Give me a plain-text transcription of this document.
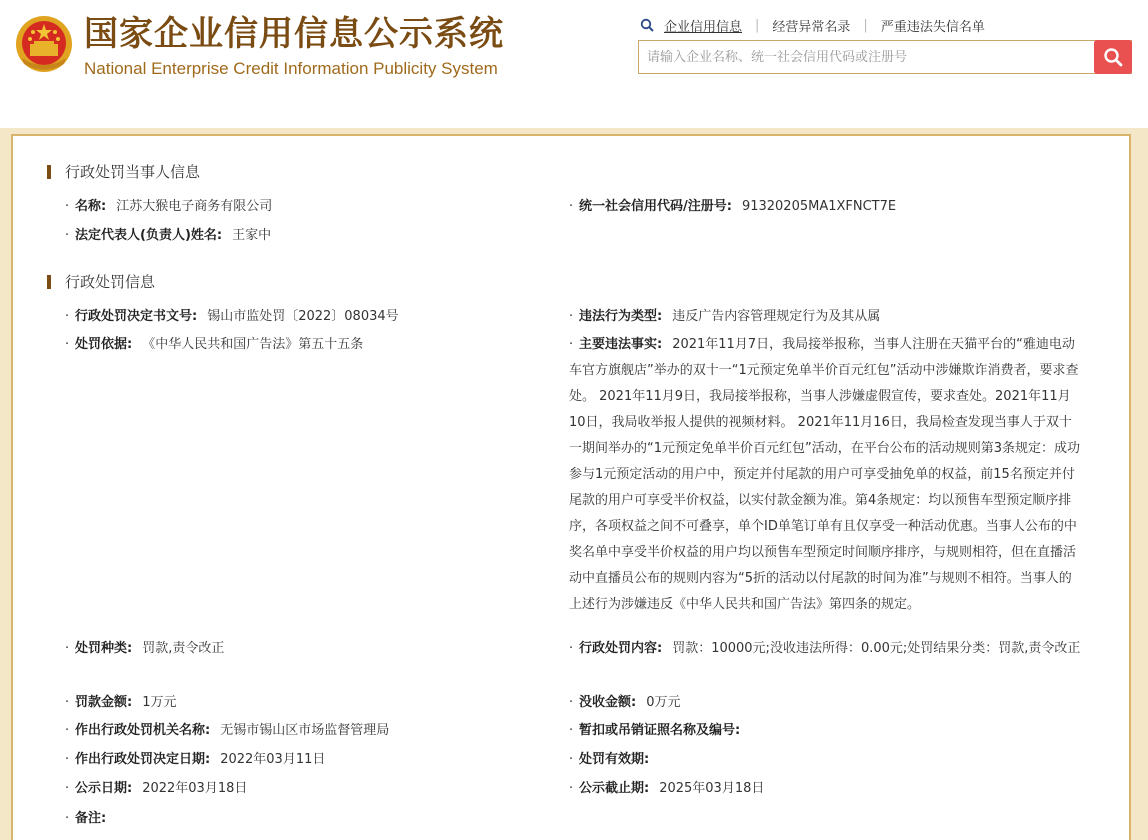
国家企业信用信息公示系统
National Enterprise Credit Information Publicity System
企业信用信息 | 经营异常名录 | 严重违法失信名单
请输入企业名称、统一社会信用代码或注册号
行政处罚当事人信息
· 名称: 江苏大猴电子商务有限公司	· 统一社会信用代码/注册号: 91320205MA1XFNCT7E
· 法定代表人(负责人)姓名: 王家中
行政处罚信息
· 行政处罚决定书文号: 锡山市监处罚〔2022〕08034号	· 违法行为类型: 违反广告内容管理规定行为及其从属
· 处罚依据: 《中华人民共和国广告法》第五十五条	· 主要违法事实: 2021年11月7日，我局接举报称，当事人注册在天猫平台的“雅迪电动车官方旗舰店”举办的双十一“1元预定免单半价百元红包”活动中涉嫌欺诈消费者，要求查处。 2021年11月9日，我局接举报称，当事人涉嫌虚假宣传，要求查处。2021年11月10日，我局收举报人提供的视频材料。 2021年11月16日，我局检查发现当事人于双十一期间举办的“1元预定免单半价百元红包”活动，在平台公布的活动规则第3条规定：成功参与1元预定活动的用户中，预定并付尾款的用户可享受抽免单的权益，前15名预定并付尾款的用户可享受半价权益，以实付款金额为准。第4条规定：均以预售车型预定顺序排序，各项权益之间不可叠享，单个ID单笔订单有且仅享受一种活动优惠。当事人公布的中奖名单中享受半价权益的用户均以预售车型预定时间顺序排序，与规则相符，但在直播活动中直播员公布的规则内容为“5折的活动以付尾款的时间为准”与规则不相符。当事人的上述行为涉嫌违反《中华人民共和国广告法》第四条的规定。
· 处罚种类: 罚款,责令改正	· 行政处罚内容: 罚款：10000元;没收违法所得：0.00元;处罚结果分类：罚款,责令改正
· 罚款金额: 1万元	· 没收金额: 0万元
· 作出行政处罚机关名称: 无锡市锡山区市场监督管理局	· 暂扣或吊销证照名称及编号:
· 作出行政处罚决定日期: 2022年03月11日	· 处罚有效期:
· 公示日期: 2022年03月18日	· 公示截止期: 2025年03月18日
· 备注:
